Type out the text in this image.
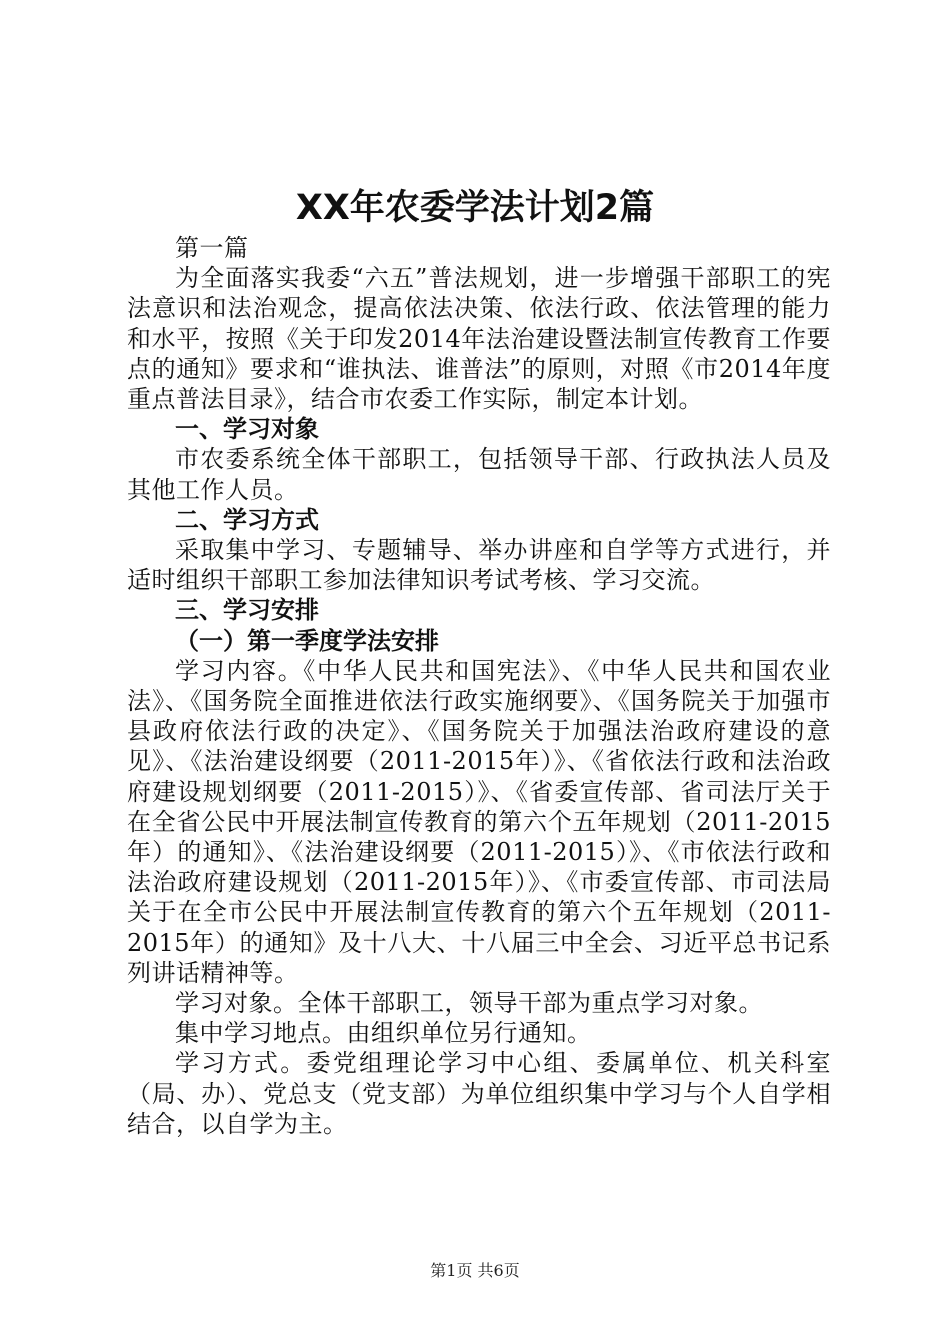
XX年农委学法计划2篇

第一篇

为全面落实我委“六五”普法规划，进一步增强干部职工的宪法意识和法治观念，提高依法决策、依法行政、依法管理的能力和水平，按照《关于印发2014年法治建设暨法制宣传教育工作要点的通知》要求和“谁执法、谁普法”的原则，对照《市2014年度重点普法目录》，结合市农委工作实际，制定本计划。

一、学习对象

市农委系统全体干部职工，包括领导干部、行政执法人员及其他工作人员。

二、学习方式

采取集中学习、专题辅导、举办讲座和自学等方式进行，并适时组织干部职工参加法律知识考试考核、学习交流。

三、学习安排
（一）第一季度学法安排

学习内容。《中华人民共和国宪法》、《中华人民共和国农业法》、《国务院全面推进依法行政实施纲要》、《国务院关于加强市县政府依法行政的决定》、《国务院关于加强法治政府建设的意见》、《法治建设纲要（2011-2015年）》、《省依法行政和法治政府建设规划纲要（2011-2015）》、《省委宣传部、省司法厅关于在全省公民中开展法制宣传教育的第六个五年规划（2011-2015年）的通知》、《法治建设纲要（2011-2015）》、《市依法行政和法治政府建设规划（2011-2015年）》、《市委宣传部、市司法局关于在全市公民中开展法制宣传教育的第六个五年规划（2011-2015年）的通知》及十八大、十八届三中全会、习近平总书记系列讲话精神等。

学习对象。全体干部职工，领导干部为重点学习对象。

集中学习地点。由组织单位另行通知。

学习方式。委党组理论学习中心组、委属单位、机关科室（局、办）、党总支（党支部）为单位组织集中学习与个人自学相结合，以自学为主。

第1页 共6页
